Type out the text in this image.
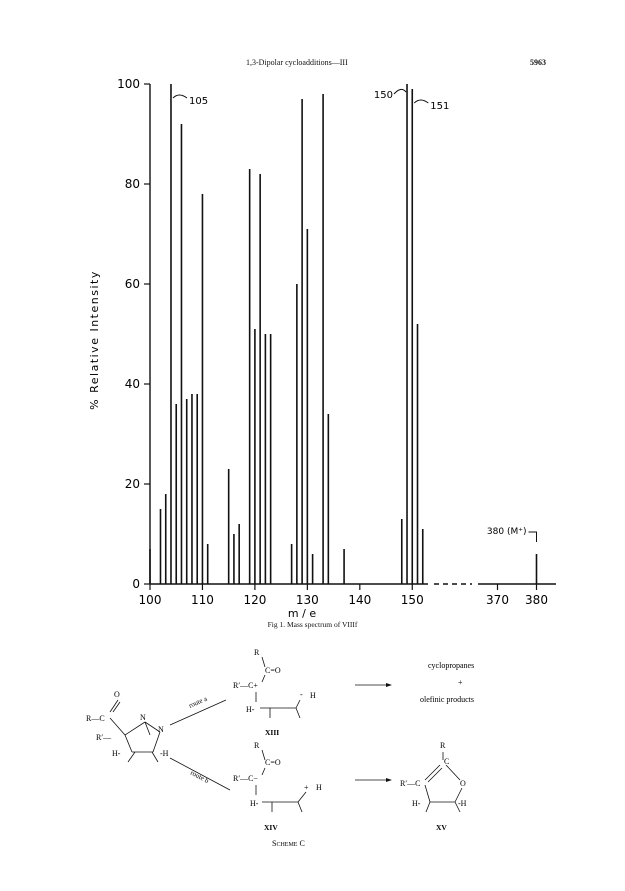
1,3-Dipolar cycloadditions—III	5963
0
20
40
60
80
100
100 110 120 130 140 150	370 380
105
150
151
380 (M⁺)
% Relative Intensity
m / e
Fig 1. Mass spectrum of VIIIf
R—C
O
R′—
N
N
H-	-H
route a
route b
R
C=O
R′—C+
H-
- H
XIII
R
C=O
R′—C−
H-
+ H
XIV
cyclopropanes
+
olefinic products
R
C
R′—C	O
H-	-H
XV
Scheme C
